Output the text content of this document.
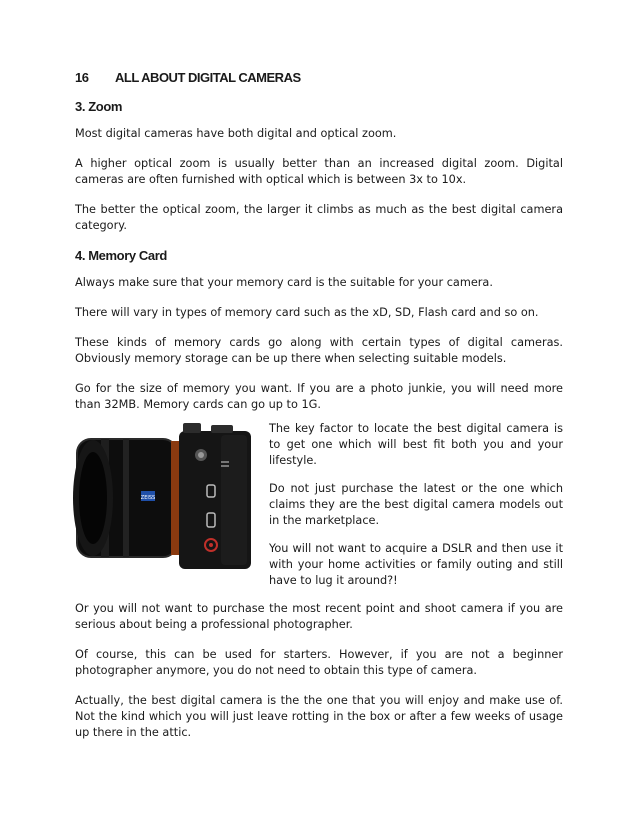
16 ALL ABOUT DIGITAL CAMERAS
3. Zoom

Most digital cameras have both digital and optical zoom.

A higher optical zoom is usually better than an increased digital zoom. Digital cameras are often furnished with optical which is between 3x to 10x.

The better the optical zoom, the larger it climbs as much as the best digital camera category.

4. Memory Card

Always make sure that your memory card is the suitable for your camera.

There will vary in types of memory card such as the xD, SD, Flash card and so on.

These kinds of memory cards go along with certain types of digital cameras. Obviously memory storage can be up there when selecting suitable models.

Go for the size of memory you want. If you are a photo junkie, you will need more than 32MB. Memory cards can go up to 1G.

ZEISS

The key factor to locate the best digital camera is to get one which will best fit both you and your lifestyle.

Do not just purchase the latest or the one which claims they are the best digital camera models out in the marketplace.

You will not want to acquire a DSLR and then use it with your home activities or family outing and still have to lug it around?!

Or you will not want to purchase the most recent point and shoot camera if you are serious about being a professional photographer.

Of course, this can be used for starters. However, if you are not a beginner photographer anymore, you do not need to obtain this type of camera.

Actually, the best digital camera is the the one that you will enjoy and make use of. Not the kind which you will just leave rotting in the box or after a few weeks of usage up there in the attic.
